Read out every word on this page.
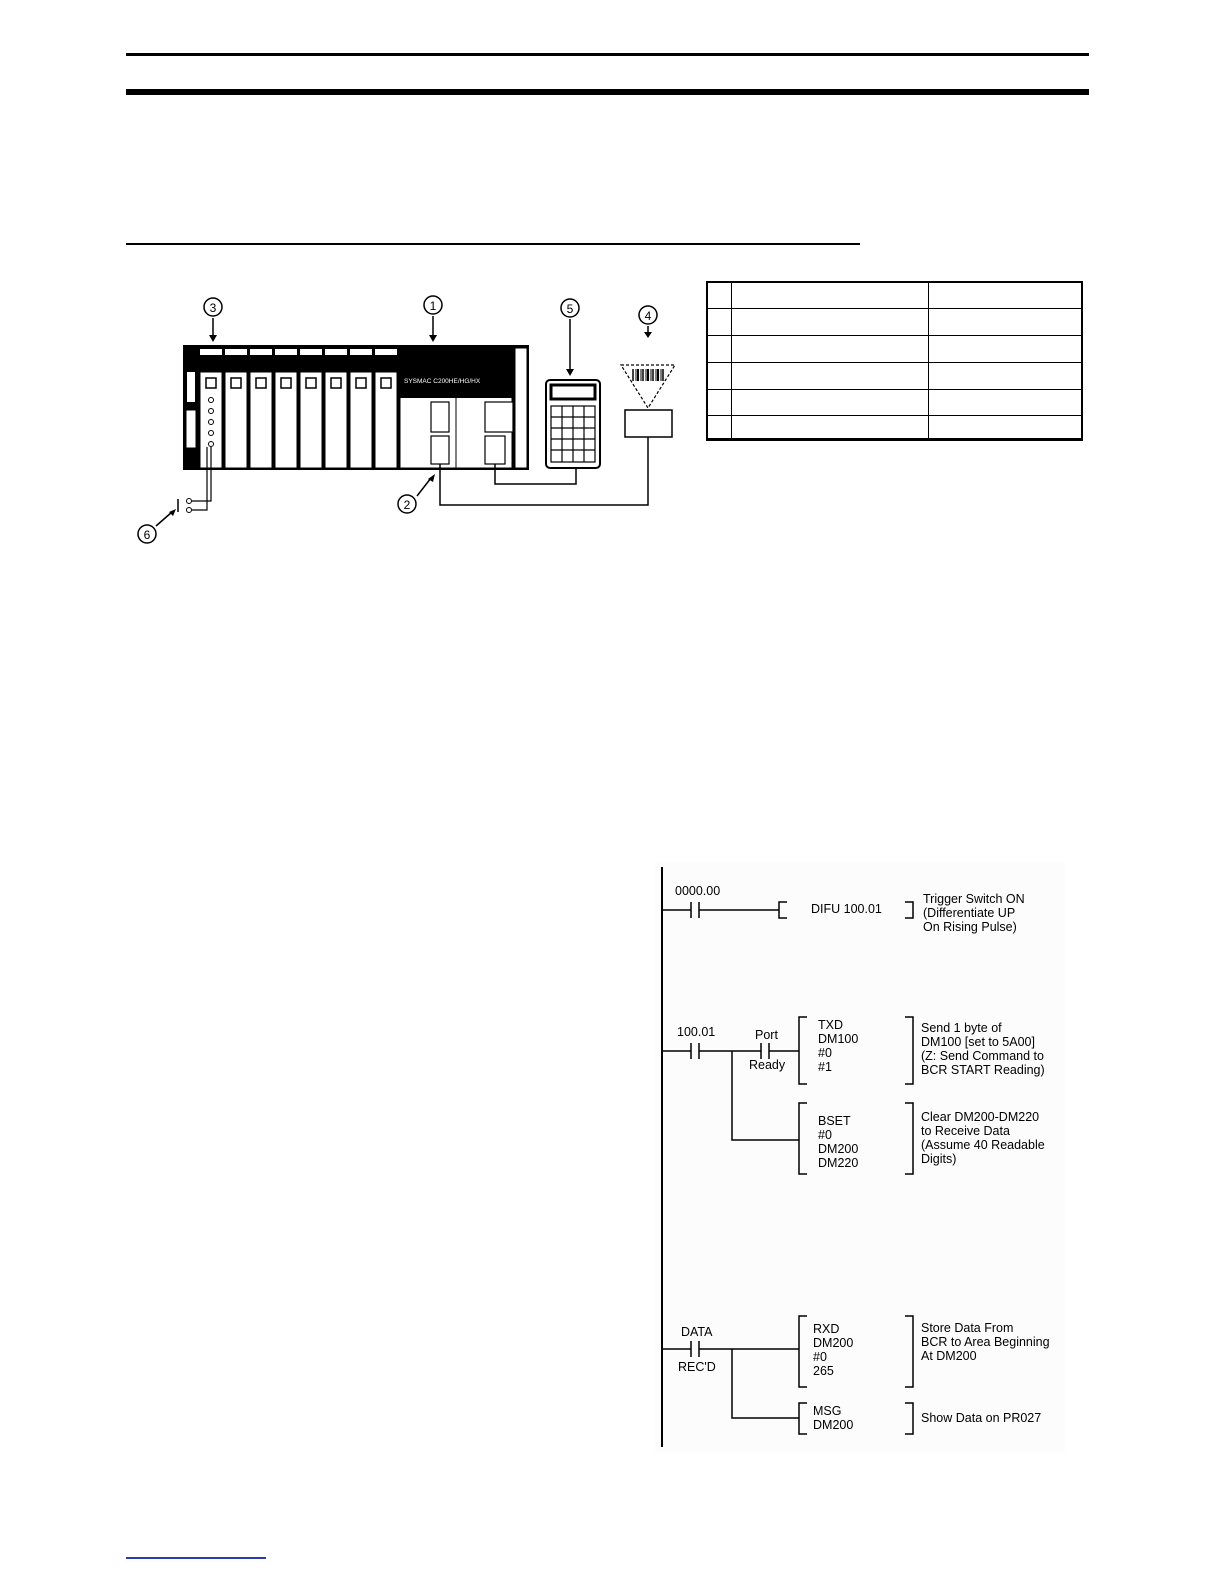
3	1	5	4
SYSMAC C200HE/HG/HX
2
6
0000.00
DIFU 100.01
Trigger Switch ON
(Differentiate UP
On Rising Pulse)
100.01	Port
Ready
TXD
DM100
#0
#1
Send 1 byte of
DM100 [set to 5A00]
(Z: Send Command to
BCR START Reading)
BSET
#0
DM200
DM220
Clear DM200-DM220
to Receive Data
(Assume 40 Readable
Digits)
DATA
REC'D
RXD
DM200
#0
265
Store Data From
BCR to Area Beginning
At DM200
MSG
DM200	Show Data on PR027
